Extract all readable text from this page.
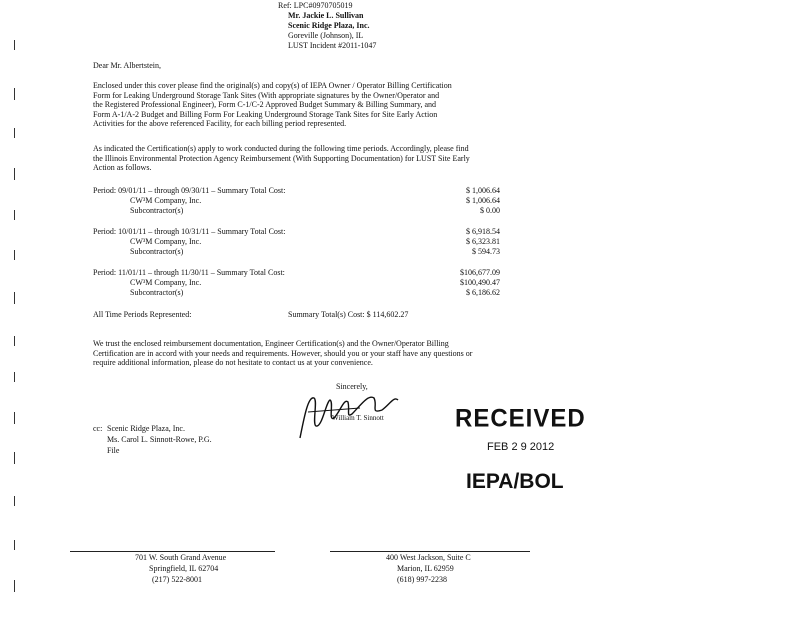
Ref: LPC#0970705019
Mr. Jackie L. Sullivan
Scenic Ridge Plaza, Inc.
Goreville (Johnson), IL
LUST Incident #2011-1047
Dear Mr. Albertstein,
Enclosed under this cover please find the original(s) and copy(s) of IEPA Owner / Operator Billing Certification
Form for Leaking Underground Storage Tank Sites (With appropriate signatures by the Owner/Operator and
the Registered Professional Engineer), Form C-1/C-2 Approved Budget Summary & Billing Summary, and
Form A-1/A-2 Budget and Billing Form For Leaking Underground Storage Tank Sites for Site Early Action
Activities for the above referenced Facility, for each billing period represented.
As indicated the Certification(s) apply to work conducted during the following time periods. Accordingly, please find
the Illinois Environmental Protection Agency Reimbursement (With Supporting Documentation) for LUST Site Early
Action as follows.
Period: 09/01/11 – through 09/30/11 – Summary Total Cost:	$ 1,006.64
CW³M Company, Inc.	$ 1,006.64
Subcontractor(s)	$ 0.00
Period: 10/01/11 – through 10/31/11 – Summary Total Cost:	$ 6,918.54
CW³M Company, Inc.	$ 6,323.81
Subcontractor(s)	$ 594.73
Period: 11/01/11 – through 11/30/11 – Summary Total Cost:	$106,677.09
CW³M Company, Inc.	$100,490.47
Subcontractor(s)	$ 6,186.62
All Time Periods Represented:	Summary Total(s) Cost: $ 114,602.27
We trust the enclosed reimbursement documentation, Engineer Certification(s) and the Owner/Operator Billing
Certification are in accord with your needs and requirements. However, should you or your staff have any questions or
require additional information, please do not hesitate to contact us at your convenience.
Sincerely,
William T. Sinnott
cc: Scenic Ridge Plaza, Inc.
Ms. Carol L. Sinnott-Rowe, P.G.
File
RECEIVED
FEB 2 9 2012
IEPA/BOL
701 W. South Grand Avenue
Springfield, IL 62704
(217) 522-8001
400 West Jackson, Suite C
Marion, IL 62959
(618) 997-2238
